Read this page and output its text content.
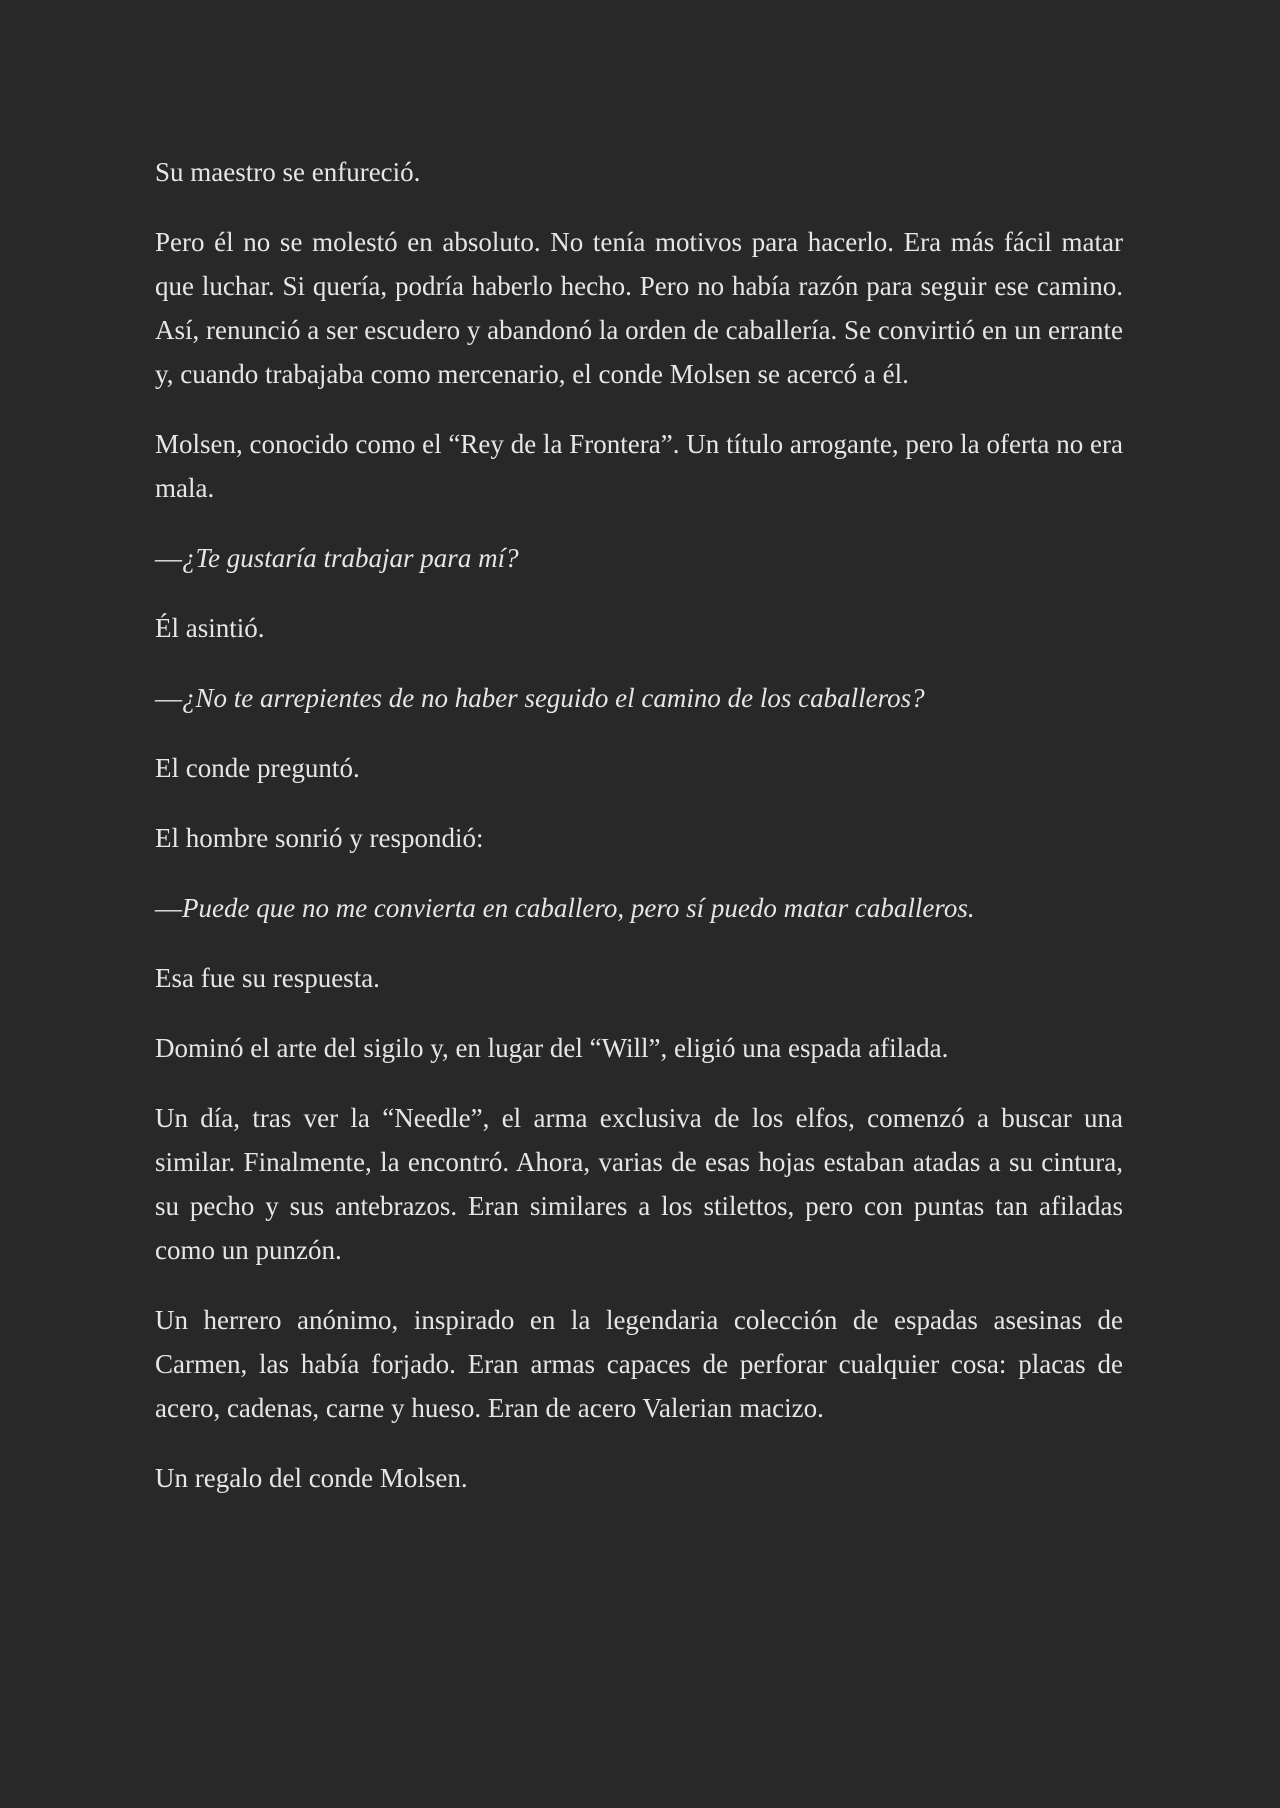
Su maestro se enfureció.

Pero él no se molestó en absoluto. No tenía motivos para hacerlo. Era más fácil matar que luchar. Si quería, podría haberlo hecho. Pero no había razón para seguir ese camino. Así, renunció a ser escudero y abandonó la orden de caballería. Se convirtió en un errante y, cuando trabajaba como mercenario, el conde Molsen se acercó a él.

Molsen, conocido como el “Rey de la Frontera”. Un título arrogante, pero la oferta no era mala.

—¿Te gustaría trabajar para mí?

Él asintió.

—¿No te arrepientes de no haber seguido el camino de los caballeros?

El conde preguntó.

El hombre sonrió y respondió:

—Puede que no me convierta en caballero, pero sí puedo matar caballeros.

Esa fue su respuesta.

Dominó el arte del sigilo y, en lugar del “Will”, eligió una espada afilada.

Un día, tras ver la “Needle”, el arma exclusiva de los elfos, comenzó a buscar una similar. Finalmente, la encontró. Ahora, varias de esas hojas estaban atadas a su cintura, su pecho y sus antebrazos. Eran similares a los stilettos, pero con puntas tan afiladas como un punzón.

Un herrero anónimo, inspirado en la legendaria colección de espadas asesinas de Carmen, las había forjado. Eran armas capaces de perforar cualquier cosa: placas de acero, cadenas, carne y hueso. Eran de acero Valerian macizo.

Un regalo del conde Molsen.
